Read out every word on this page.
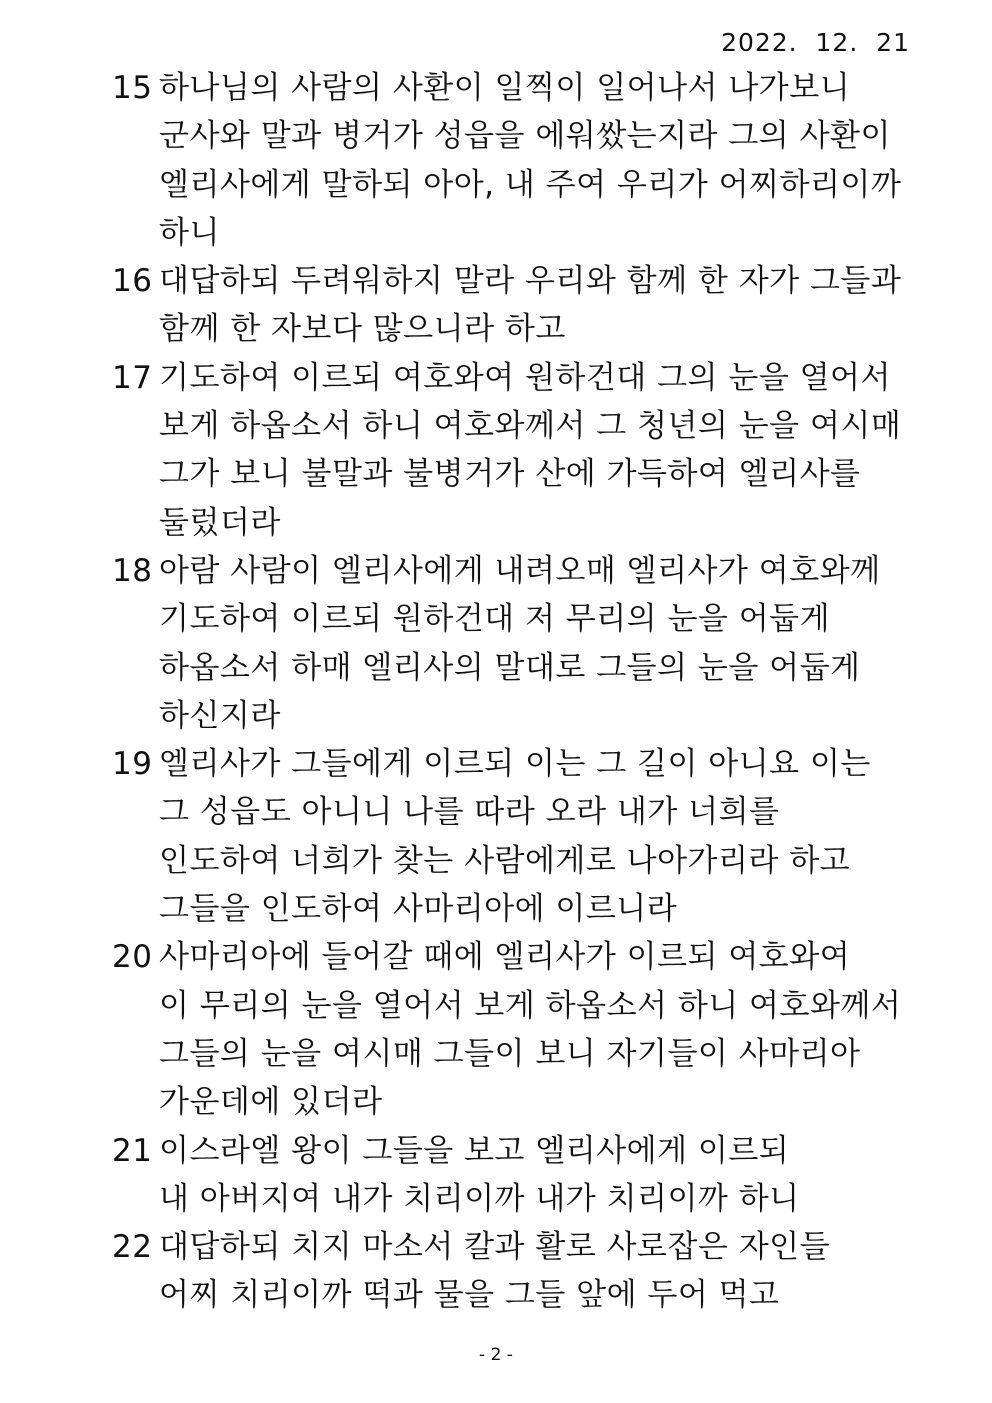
2022.  12.  21
15 하나님의 사람의 사환이 일찍이 일어나서 나가보니
군사와 말과 병거가 성읍을 에워쌌는지라 그의 사환이
엘리사에게 말하되 아아, 내 주여 우리가 어찌하리이까
하니
16 대답하되 두려워하지 말라 우리와 함께 한 자가 그들과
함께 한 자보다 많으니라 하고
17 기도하여 이르되 여호와여 원하건대 그의 눈을 열어서
보게 하옵소서 하니 여호와께서 그 청년의 눈을 여시매
그가 보니 불말과 불병거가 산에 가득하여 엘리사를
둘렀더라
18 아람 사람이 엘리사에게 내려오매 엘리사가 여호와께
기도하여 이르되 원하건대 저 무리의 눈을 어둡게
하옵소서 하매 엘리사의 말대로 그들의 눈을 어둡게
하신지라
19 엘리사가 그들에게 이르되 이는 그 길이 아니요 이는
그 성읍도 아니니 나를 따라 오라 내가 너희를
인도하여 너희가 찾는 사람에게로 나아가리라 하고
그들을 인도하여 사마리아에 이르니라
20 사마리아에 들어갈 때에 엘리사가 이르되 여호와여
이 무리의 눈을 열어서 보게 하옵소서 하니 여호와께서
그들의 눈을 여시매 그들이 보니 자기들이 사마리아
가운데에 있더라
21 이스라엘 왕이 그들을 보고 엘리사에게 이르되
내 아버지여 내가 치리이까 내가 치리이까 하니
22 대답하되 치지 마소서 칼과 활로 사로잡은 자인들
어찌 치리이까 떡과 물을 그들 앞에 두어 먹고
- 2 -
